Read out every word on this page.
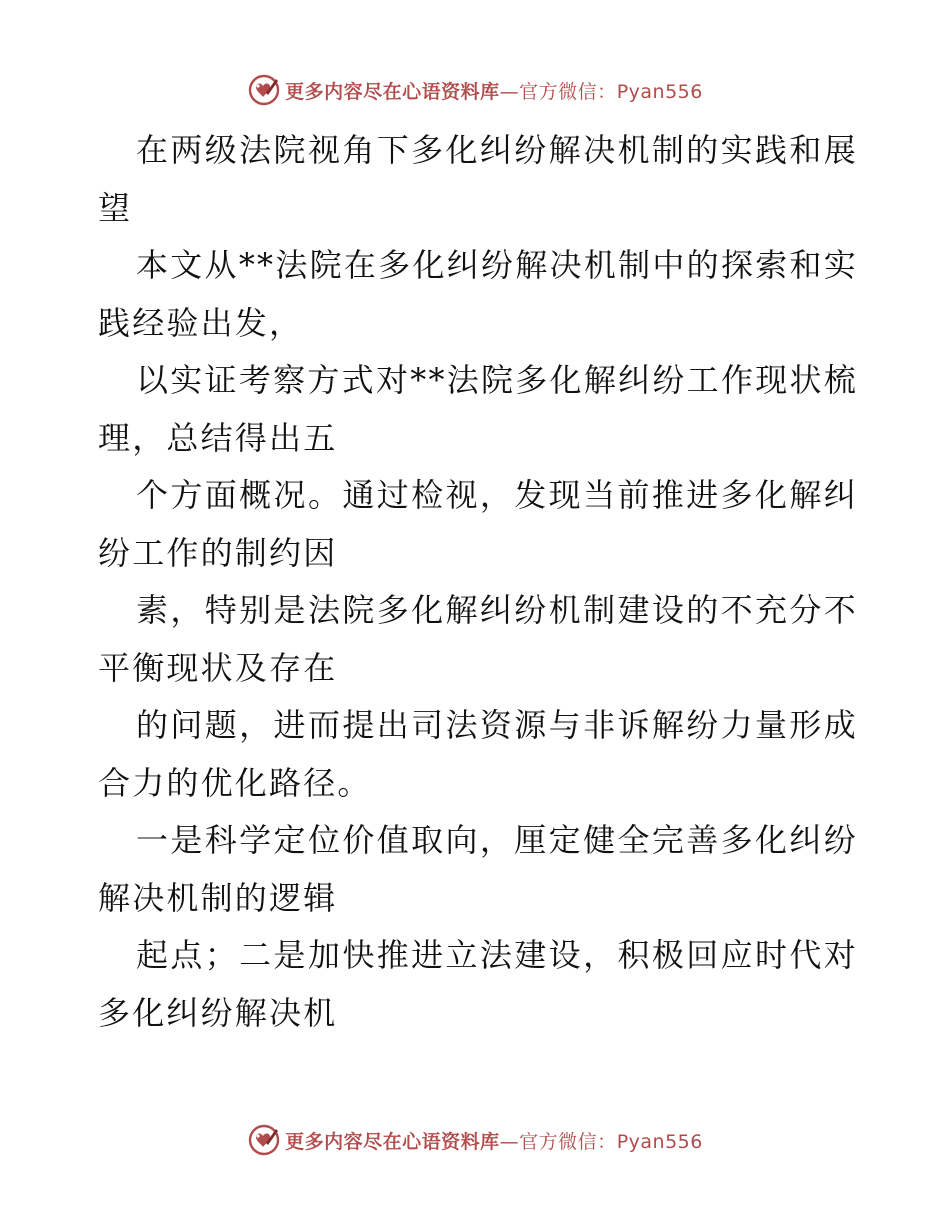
更多内容尽在心语资料库—官方微信：Pyan556

在两级法院视角下多化纠纷解决机制的实践和展望

本文从**法院在多化纠纷解决机制中的探索和实践经验出发，

以实证考察方式对**法院多化解纠纷工作现状梳理，总结得出五

个方面概况。通过检视，发现当前推进多化解纠纷工作的制约因

素，特别是法院多化解纠纷机制建设的不充分不平衡现状及存在

的问题，进而提出司法资源与非诉解纷力量形成合力的优化路径。

一是科学定位价值取向，厘定健全完善多化纠纷解决机制的逻辑

起点；二是加快推进立法建设，积极回应时代对多化纠纷解决机

更多内容尽在心语资料库—官方微信：Pyan556
